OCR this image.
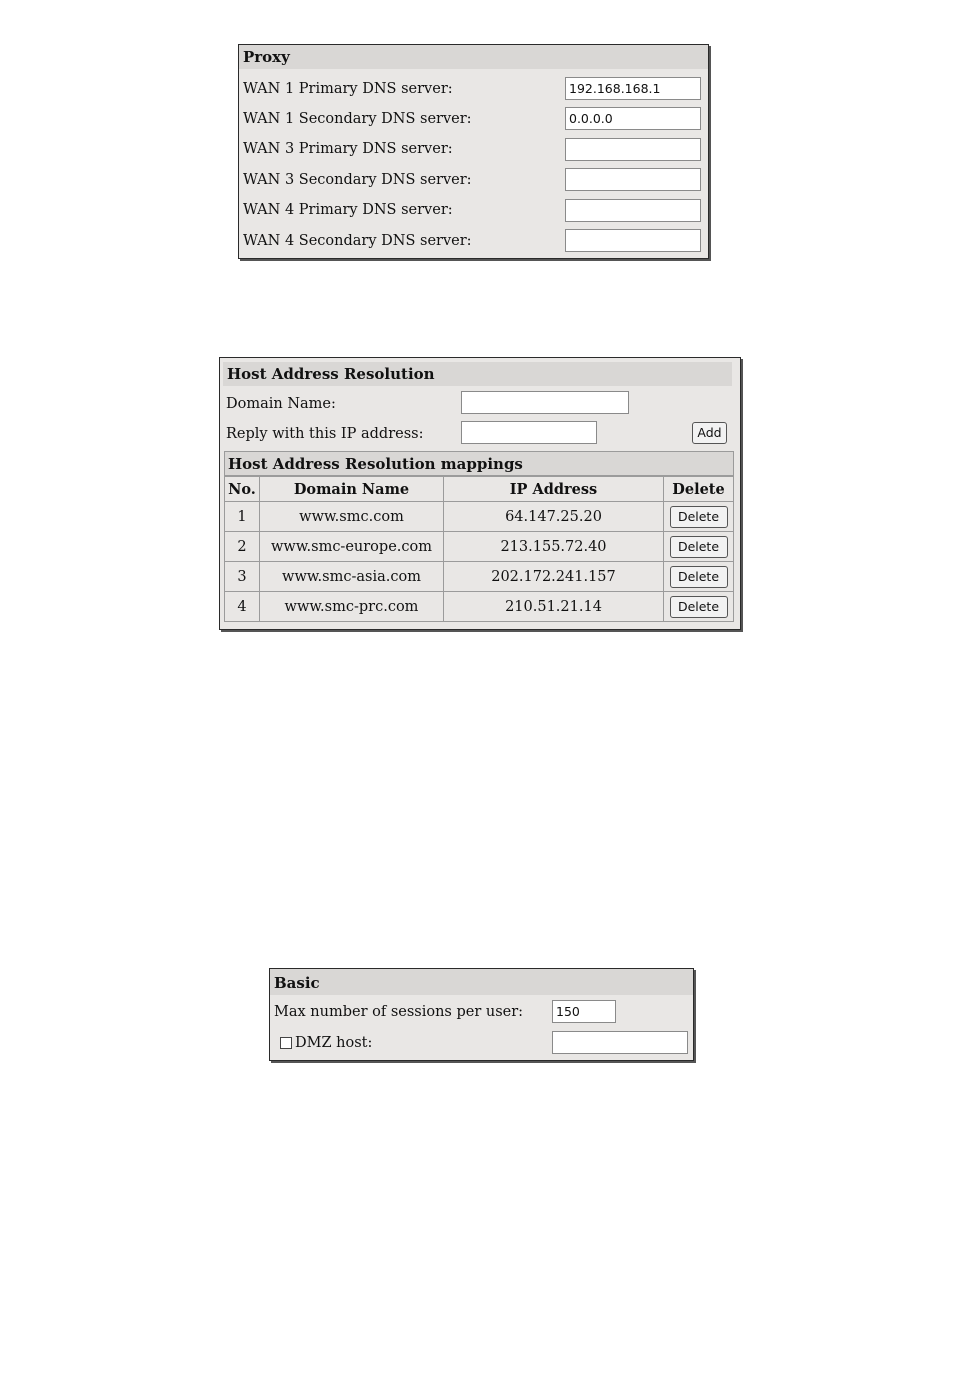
Proxy
WAN 1 Primary DNS server:	192.168.168.1
WAN 1 Secondary DNS server:	0.0.0.0
WAN 3 Primary DNS server:
WAN 3 Secondary DNS server:
WAN 4 Primary DNS server:
WAN 4 Secondary DNS server:
Host Address Resolution
Domain Name:
Reply with this IP address:	Add
Host Address Resolution mappings
No.	Domain Name	IP Address	Delete
1	www.smc.com	64.147.25.20	Delete
2	www.smc-europe.com	213.155.72.40	Delete
3	www.smc-asia.com	202.172.241.157	Delete
4	www.smc-prc.com	210.51.21.14	Delete
Basic
Max number of sessions per user:	150
DMZ host:
